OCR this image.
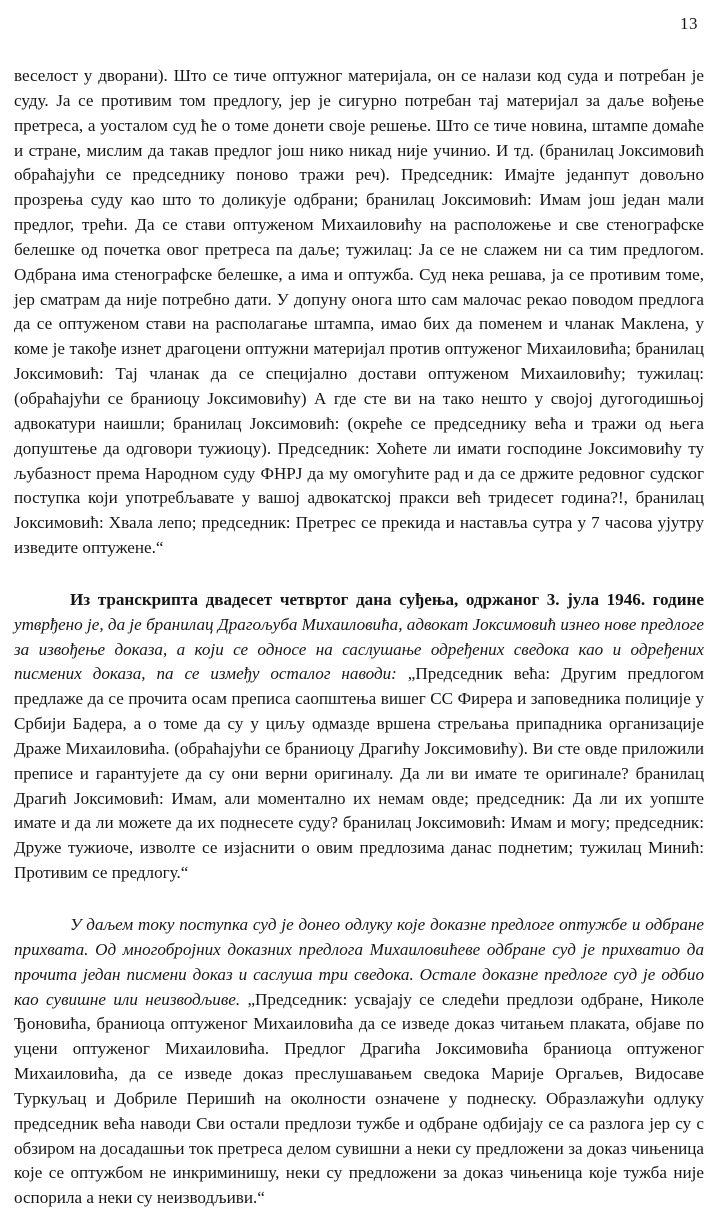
13

веселост у дворани). Што се тиче оптужног материјала, он се налази код суда и потребан је суду. Ја се противим том предлогу, јер је сигурно потребан тај материјал за даље вођење претреса, а уосталом суд ће о томе донети своје решење. Што се тиче новина, штампе домаће и стране, мислим да такав предлог још нико никад није учинио. И тд. (бранилац Јоксимовић обраћајући се председнику поново тражи реч). Председник: Имајте једанпут довољно прозрења суду као што то доликује одбрани; бранилац Јоксимовић: Имам још један мали предлог, трећи. Да се стави оптуженом Михаиловићу на расположење и све стенографске белешке од почетка овог претреса па даље; тужилац: Ја се не слажем ни са тим предлогом. Одбрана има стенографске белешке, а има и оптужба. Суд нека решава, ја се противим томе, јер сматрам да није потребно дати. У допуну онога што сам малочас рекао поводом предлога да се оптуженом стави на располагање штампа, имао бих да поменем и чланак Маклена, у коме је такође изнет драгоцени оптужни материјал против оптуженог Михаиловића; бранилац Јоксимовић: Тај чланак да се специјално достави оптуженом Михаиловићу; тужилац: (обраћајући се браниоцу Јоксимовићу) А где сте ви на тако нешто у својој дугогодишњој адвокатури наишли; бранилац Јоксимовић: (окреће се председнику већа и тражи од њега допуштење да одговори тужиоцу). Председник: Хоћете ли имати господине Јоксимовићу ту љубазност према Народном суду ФНРЈ да му омогућите рад и да се држите редовног судског поступка који употребљавате у вашој адвокатској пракси већ тридесет година?!, бранилац Јоксимовић: Хвала лепо; председник: Претрес се прекида и наставља сутра у 7 часова ујутру изведите оптужене.“

Из транскрипта двадесет четвртог дана суђења, одржаног 3. јула 1946. године утврђено је, да је бранилац Драгољуба Михаиловића, адвокат Јоксимовић изнео нове предлоге за извођење доказа, а који се односе на саслушање одређених сведока као и одређених писмених доказа, па се између осталог наводи: „Председник већа: Другим предлогом предлаже да се прочита осам преписа саопштења вишег СС Фирера и заповедника полиције у Србији Бадера, а о томе да су у циљу одмазде вршена стрељања припадника организације Драже Михаиловића. (обраћајући се браниоцу Драгићу Јоксимовићу). Ви сте овде приложили преписе и гарантујете да су они верни оригиналу. Да ли ви имате те оригинале? бранилац Драгић Јоксимовић: Имам, али моментално их немам овде; председник: Да ли их уопште имате и да ли можете да их поднесете суду? бранилац Јоксимовић: Имам и могу; председник: Друже тужиоче, изволте се изјаснити о овим предлозима данас поднетим; тужилац Минић: Противим се предлогу.“

У даљем току поступка суд је донео одлуку које доказне предлоге оптужбе и одбране прихвата. Од многобројних доказних предлога Михаиловићеве одбране суд је прихватио да прочита један писмени доказ и саслуша три сведока. Остале доказне предлоге суд је одбио као сувишне или неизводљиве. „Председник: усвајају се следећи предлози одбране, Николе Ђоновића, браниоца оптуженог Михаиловића да се изведе доказ читањем плаката, објаве по уцени оптуженог Михаиловића. Предлог Драгића Јоксимовића браниоца оптуженог Михаиловића, да се изведе доказ преслушавањем сведока Марије Оргаљев, Видосаве Туркуљац и Добриле Перишић на околности означене у поднеску. Образлажући одлуку председник већа наводи Сви остали предлози тужбе и одбране одбијају се са разлога јер су с обзиром на досадашњи ток претреса делом сувишни а неки су предложени за доказ чињеница које се оптужбом не инкриминишу, неки су предложени за доказ чињеница које тужба није оспорила а неки су неизводљиви.“
